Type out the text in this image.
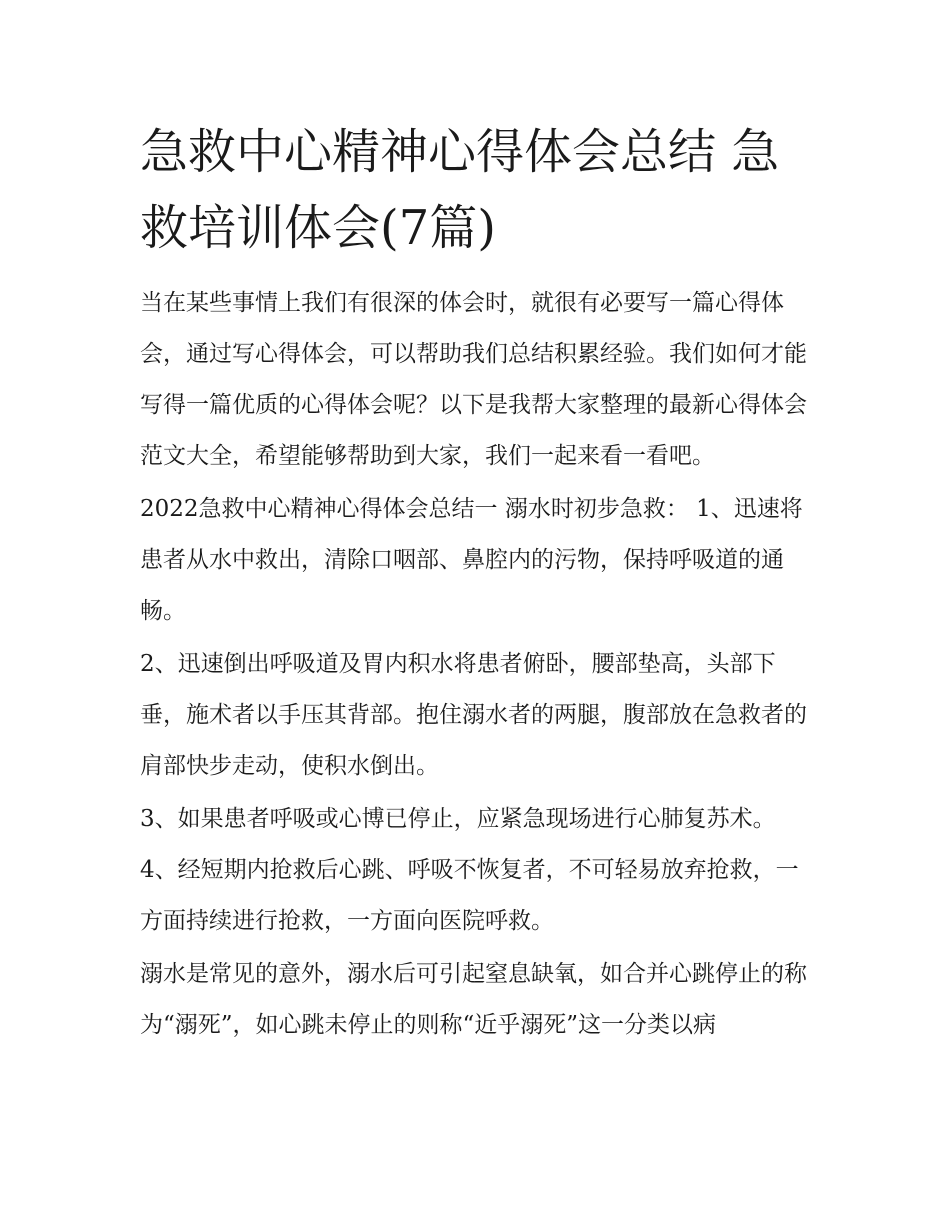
急救中心精神心得体会总结 急救培训体会(7篇)

当在某些事情上我们有很深的体会时，就很有必要写一篇心得体会，通过写心得体会，可以帮助我们总结积累经验。我们如何才能写得一篇优质的心得体会呢？以下是我帮大家整理的最新心得体会范文大全，希望能够帮助到大家，我们一起来看一看吧。

2022急救中心精神心得体会总结一 溺水时初步急救： 1、迅速将患者从水中救出，清除口咽部、鼻腔内的污物，保持呼吸道的通畅。

2、迅速倒出呼吸道及胃内积水将患者俯卧，腰部垫高，头部下垂，施术者以手压其背部。抱住溺水者的两腿，腹部放在急救者的肩部快步走动，使积水倒出。

3、如果患者呼吸或心博已停止，应紧急现场进行心肺复苏术。 4、经短期内抢救后心跳、呼吸不恢复者，不可轻易放弃抢救，一方面持续进行抢救，一方面向医院呼救。

溺水是常见的意外，溺水后可引起窒息缺氧，如合并心跳停止的称为“溺死”，如心跳未停止的则称“近乎溺死”这一分类以病
